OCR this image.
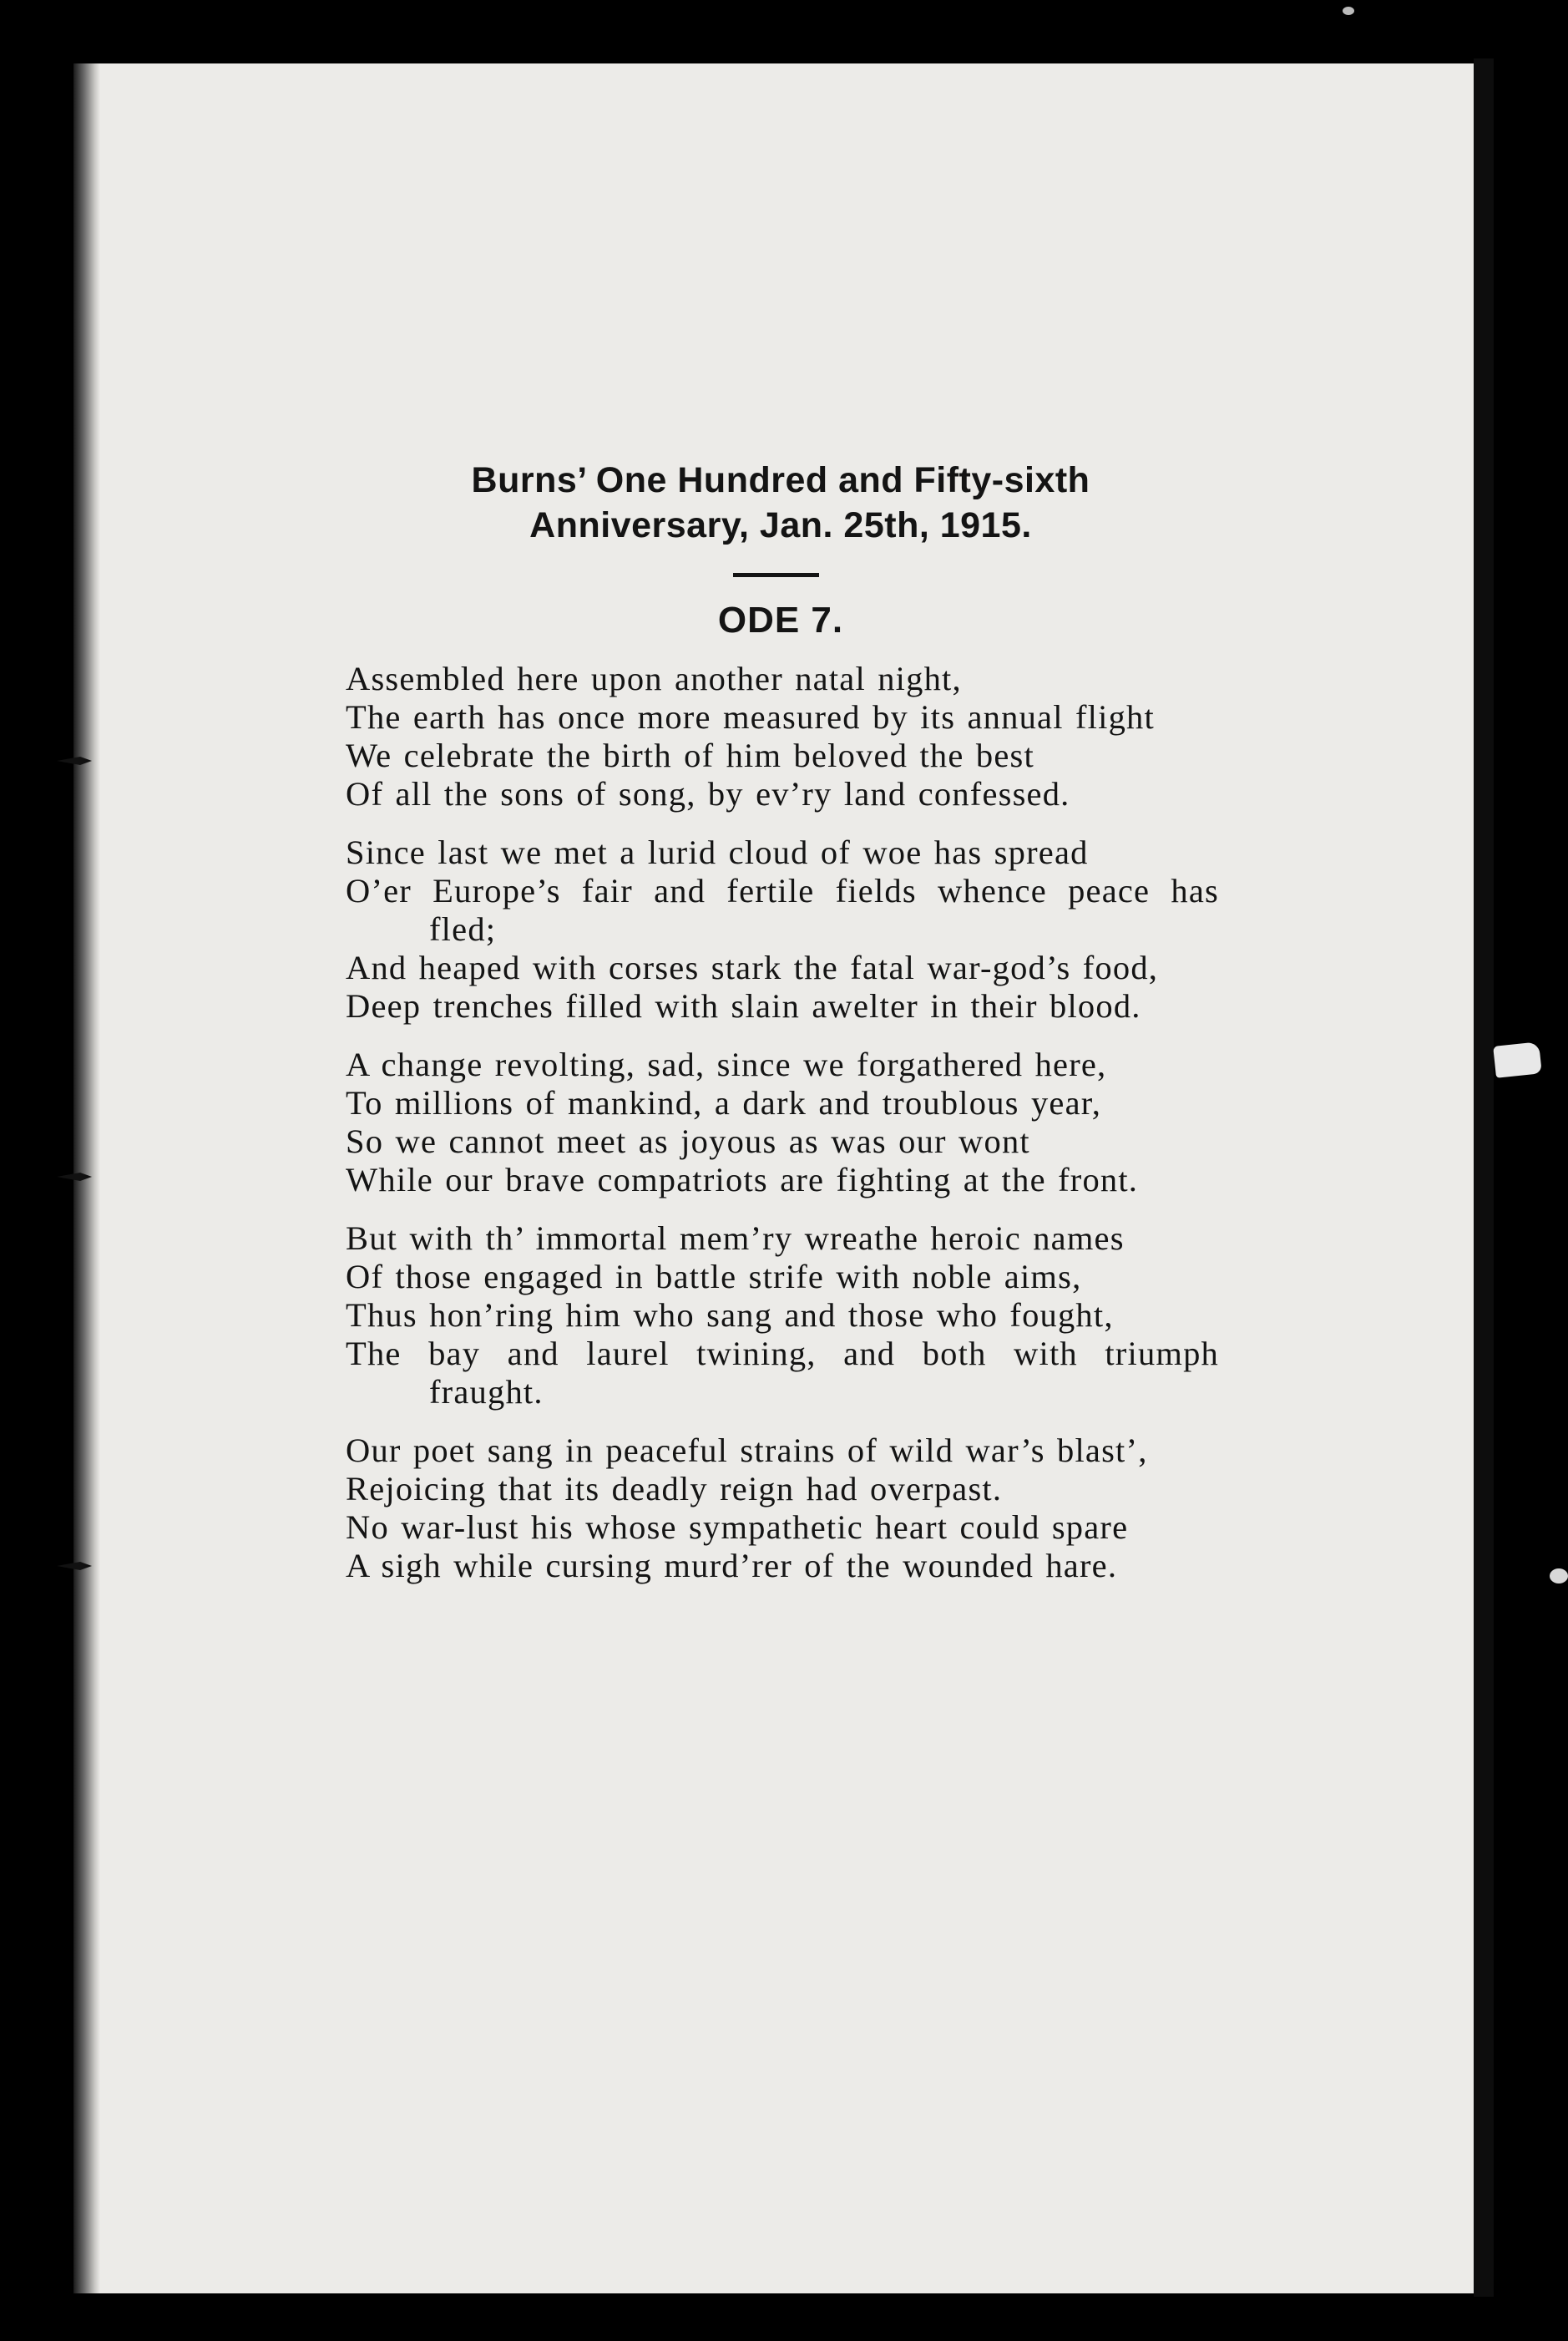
Burns’ One Hundred and Fifty-sixth
Anniversary, Jan. 25th, 1915.
ODE 7.
Assembled here upon another natal night,
The earth has once more measured by its annual flight
We celebrate the birth of him beloved the best
Of all the sons of song, by ev’ry land confessed.
Since last we met a lurid cloud of woe has spread
O’er Europe’s fair and fertile fields whence peace has fled;
And heaped with corses stark the fatal war-god’s food,
Deep trenches filled with slain awelter in their blood.
A change revolting, sad, since we forgathered here,
To millions of mankind, a dark and troublous year,
So we cannot meet as joyous as was our wont
While our brave compatriots are fighting at the front.
But with th’ immortal mem’ry wreathe heroic names
Of those engaged in battle strife with noble aims,
Thus hon’ring him who sang and those who fought,
The bay and laurel twining, and both with triumph fraught.
Our poet sang in peaceful strains of wild war’s blast’,
Rejoicing that its deadly reign had overpast.
No war-lust his whose sympathetic heart could spare
A sigh while cursing murd’rer of the wounded hare.
